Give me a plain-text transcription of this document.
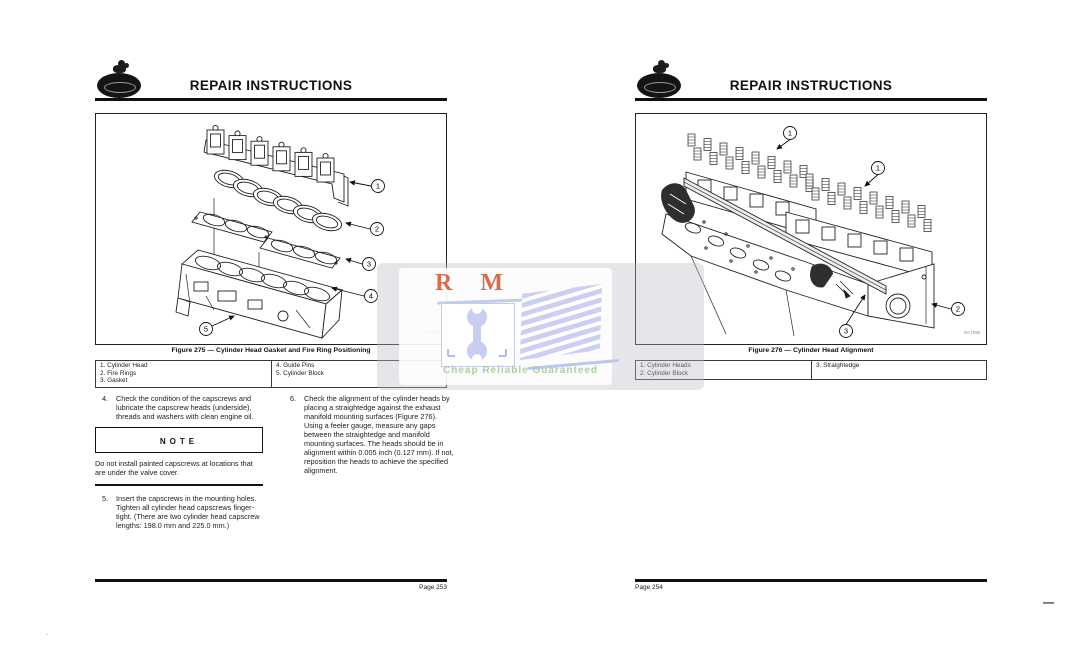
REPAIR INSTRUCTIONS
1
2
3
4
5
Figure 275 — Cylinder Head Gasket and Fire Ring Positioning
1. Cylinder Head
2. Fire Rings
3. Gasket
4. Guide Pins
5. Cylinder Block
4.	Check the condition of the capscrews and lubricate the capscrew heads (underside), threads and washers with clean engine oil.
NOTE
Do not install painted capscrews at locations that are under the valve cover.
5.	Insert the capscrews in the mounting holes. Tighten all cylinder head capscrews finger-tight. (There are two cylinder head capscrew lengths: 198.0 mm and 225.0 mm.)
6.	Check the alignment of the cylinder heads by placing a straightedge against the exhaust manifold mounting surfaces (Figure 276). Using a feeler gauge, measure any gaps between the straightedge and manifold mounting surfaces. The heads should be in alignment within 0.005 inch (0.127 mm). If not, reposition the heads to achieve the specified alignment.
Page 253
REPAIR INSTRUCTIONS
1
1
2
3	SH 1055
Figure 276 — Cylinder Head Alignment
1. Cylinder Heads
2. Cylinder Block
3. Straightedge
Page 254
R M
Cheap Reliable Guaranteed
.
—
